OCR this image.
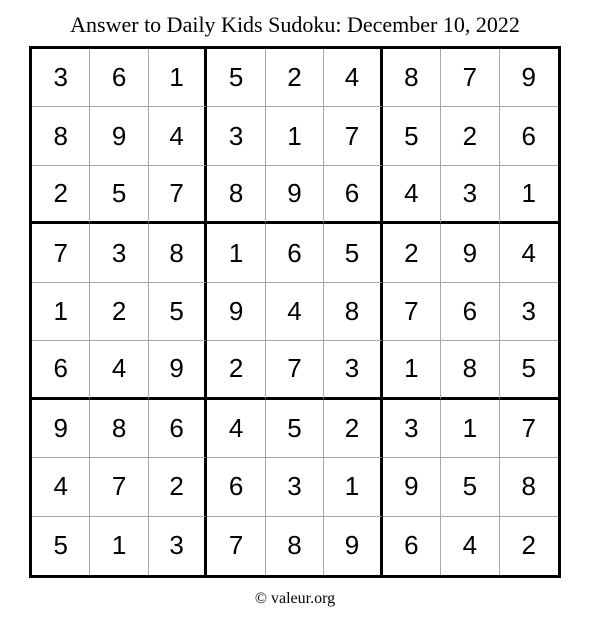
Answer to Daily Kids Sudoku: December 10, 2022
3	6	1	5	2	4	8	7	9
8	9	4	3	1	7	5	2	6
2	5	7	8	9	6	4	3	1
7	3	8	1	6	5	2	9	4
1	2	5	9	4	8	7	6	3
6	4	9	2	7	3	1	8	5
9	8	6	4	5	2	3	1	7
4	7	2	6	3	1	9	5	8
5	1	3	7	8	9	6	4	2
© valeur.org
